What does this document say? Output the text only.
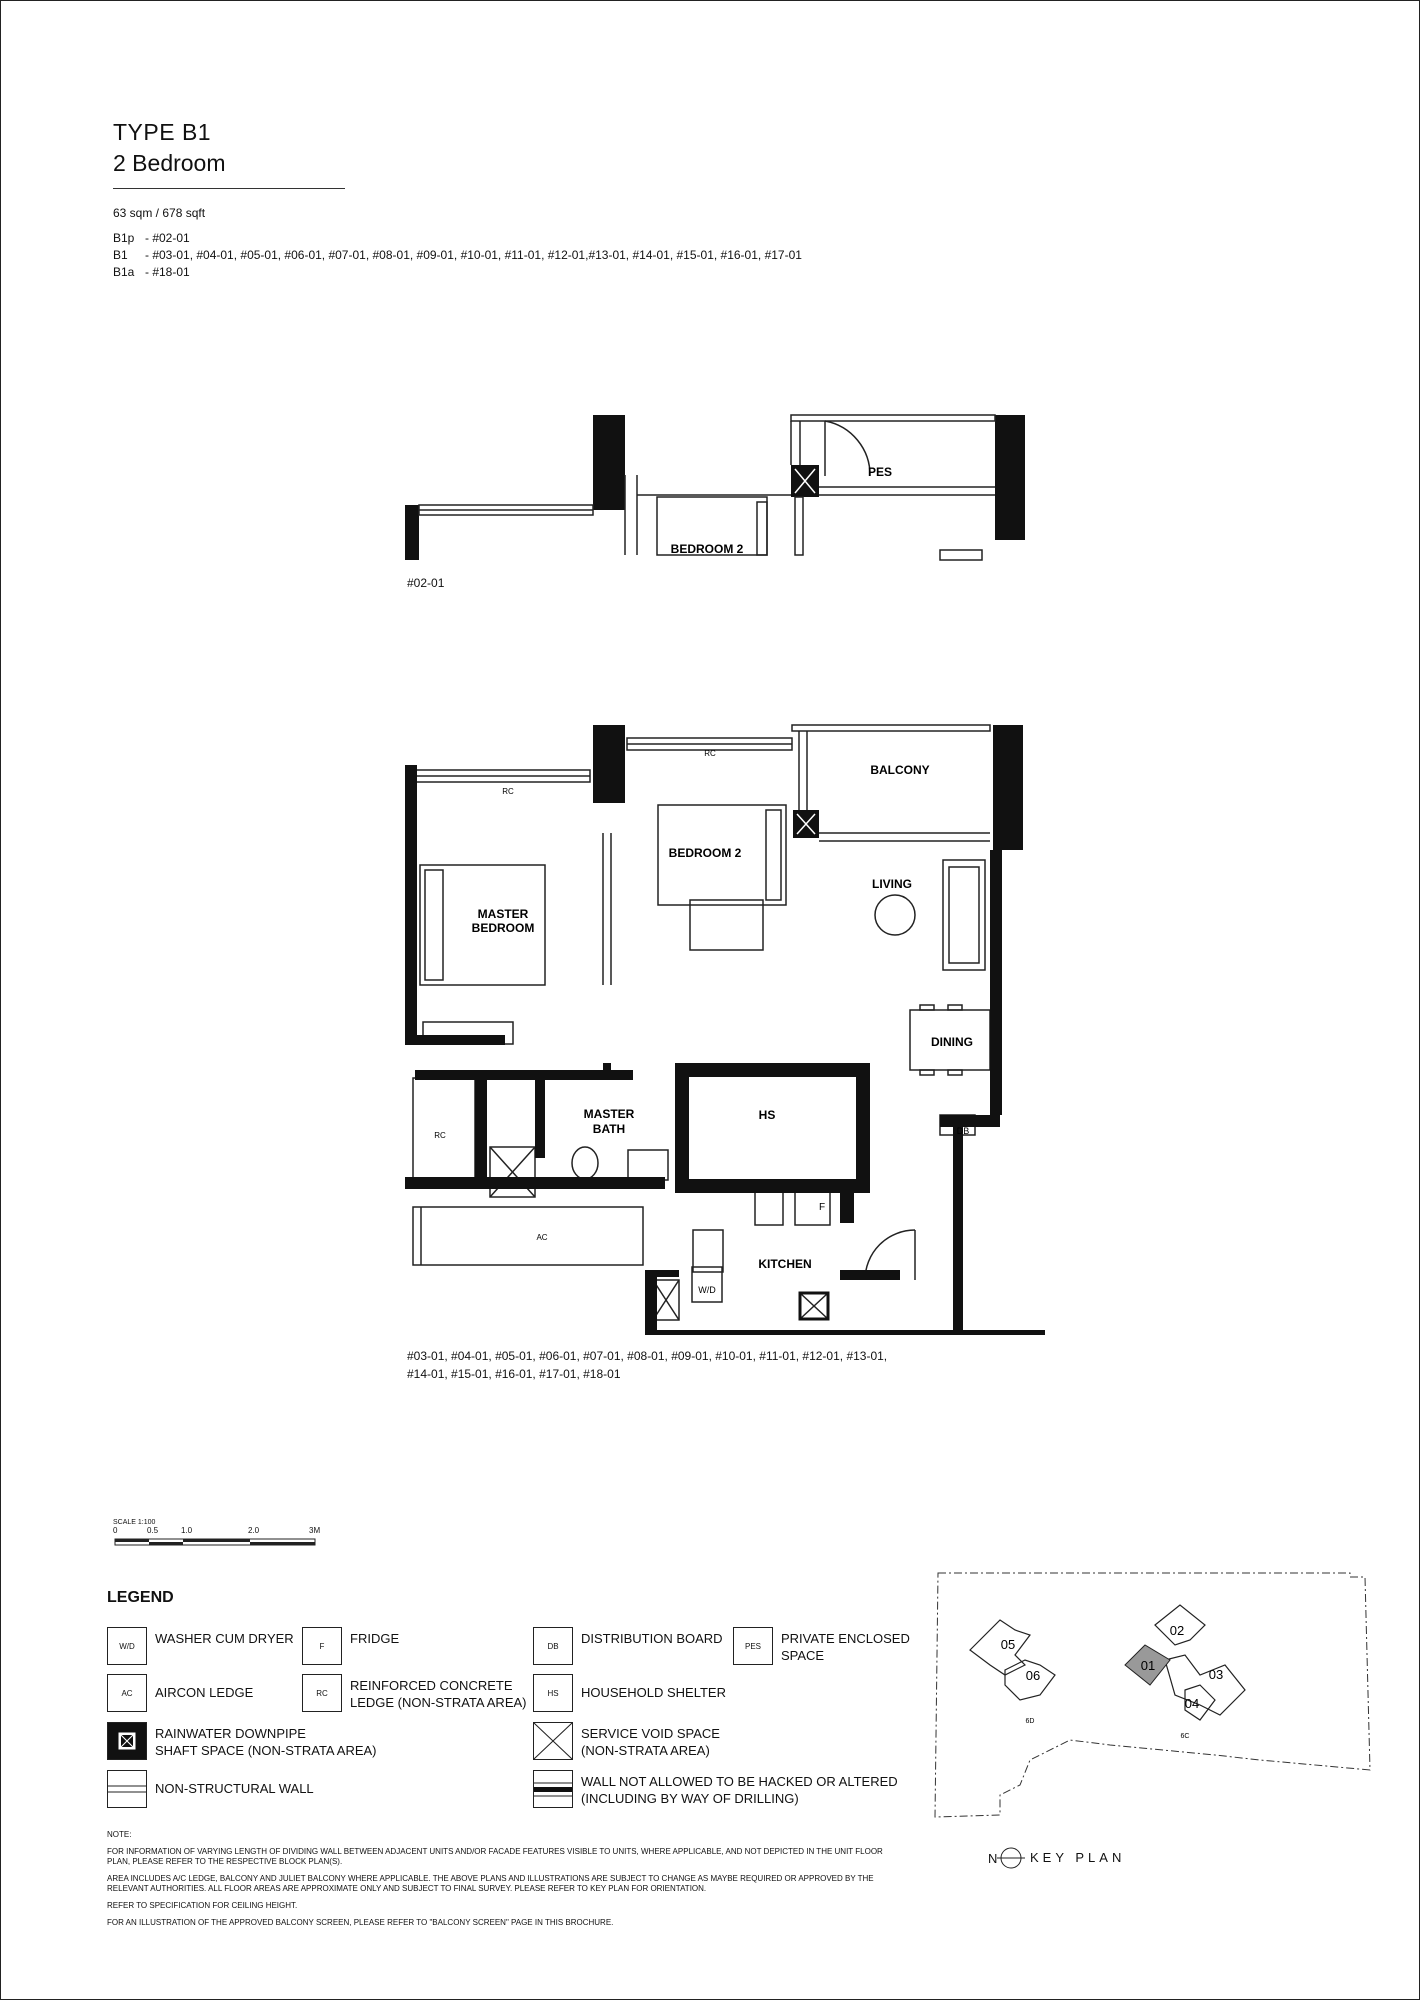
TYPE B1
2 Bedroom
63 sqm / 678 sqft
B1p - #02-01
B1	- #03-01, #04-01, #05-01, #06-01, #07-01, #08-01, #09-01, #10-01, #11-01, #12-01,#13-01, #14-01, #15-01, #16-01, #17-01
B1a - #18-01
PES
BEDROOM 2
#02-01
RC
RC
BALCONY
BEDROOM 2
LIVING
MASTER
BEDROOM
DINING
MASTER
BATH
HS
RC	DB
F
KITCHEN
W/D
AC
#03-01, #04-01, #05-01, #06-01, #07-01, #08-01, #09-01, #10-01, #11-01, #12-01, #13-01,
#14-01, #15-01, #16-01, #17-01, #18-01
SCALE 1:100
0	0.5	1.0	2.0	3M
LEGEND
W/D	WASHER CUM DRYER	F	FRIDGE	DB	DISTRIBUTION BOARD	PES	PRIVATE ENCLOSED
SPACE
AC	AIRCON LEDGE	RC	REINFORCED CONCRETE
LEDGE (NON-STRATA AREA)
HS	HOUSEHOLD SHELTER
RAINWATER DOWNPIPE
SHAFT SPACE (NON-STRATA AREA)
SERVICE VOID SPACE
(NON-STRATA AREA)
NON-STRUCTURAL WALL	WALL NOT ALLOWED TO BE HACKED OR ALTERED
(INCLUDING BY WAY OF DRILLING)

NOTE:

FOR INFORMATION OF VARYING LENGTH OF DIVIDING WALL BETWEEN ADJACENT UNITS AND/OR FACADE FEATURES VISIBLE TO UNITS, WHERE APPLICABLE, AND NOT DEPICTED IN THE UNIT FLOOR PLAN, PLEASE REFER TO THE RESPECTIVE BLOCK PLAN(S).

AREA INCLUDES A/C LEDGE, BALCONY AND JULIET BALCONY WHERE APPLICABLE. THE ABOVE PLANS AND ILLUSTRATIONS ARE SUBJECT TO CHANGE AS MAYBE REQUIRED OR APPROVED BY THE RELEVANT AUTHORITIES. ALL FLOOR AREAS ARE APPROXIMATE ONLY AND SUBJECT TO FINAL SURVEY. PLEASE REFER TO KEY PLAN FOR ORIENTATION.

REFER TO SPECIFICATION FOR CEILING HEIGHT.

FOR AN ILLUSTRATION OF THE APPROVED BALCONY SCREEN, PLEASE REFER TO "BALCONY SCREEN" PAGE IN THIS BROCHURE.

05
06
02
01
03
04
6D
6C
N	KEY PLAN
